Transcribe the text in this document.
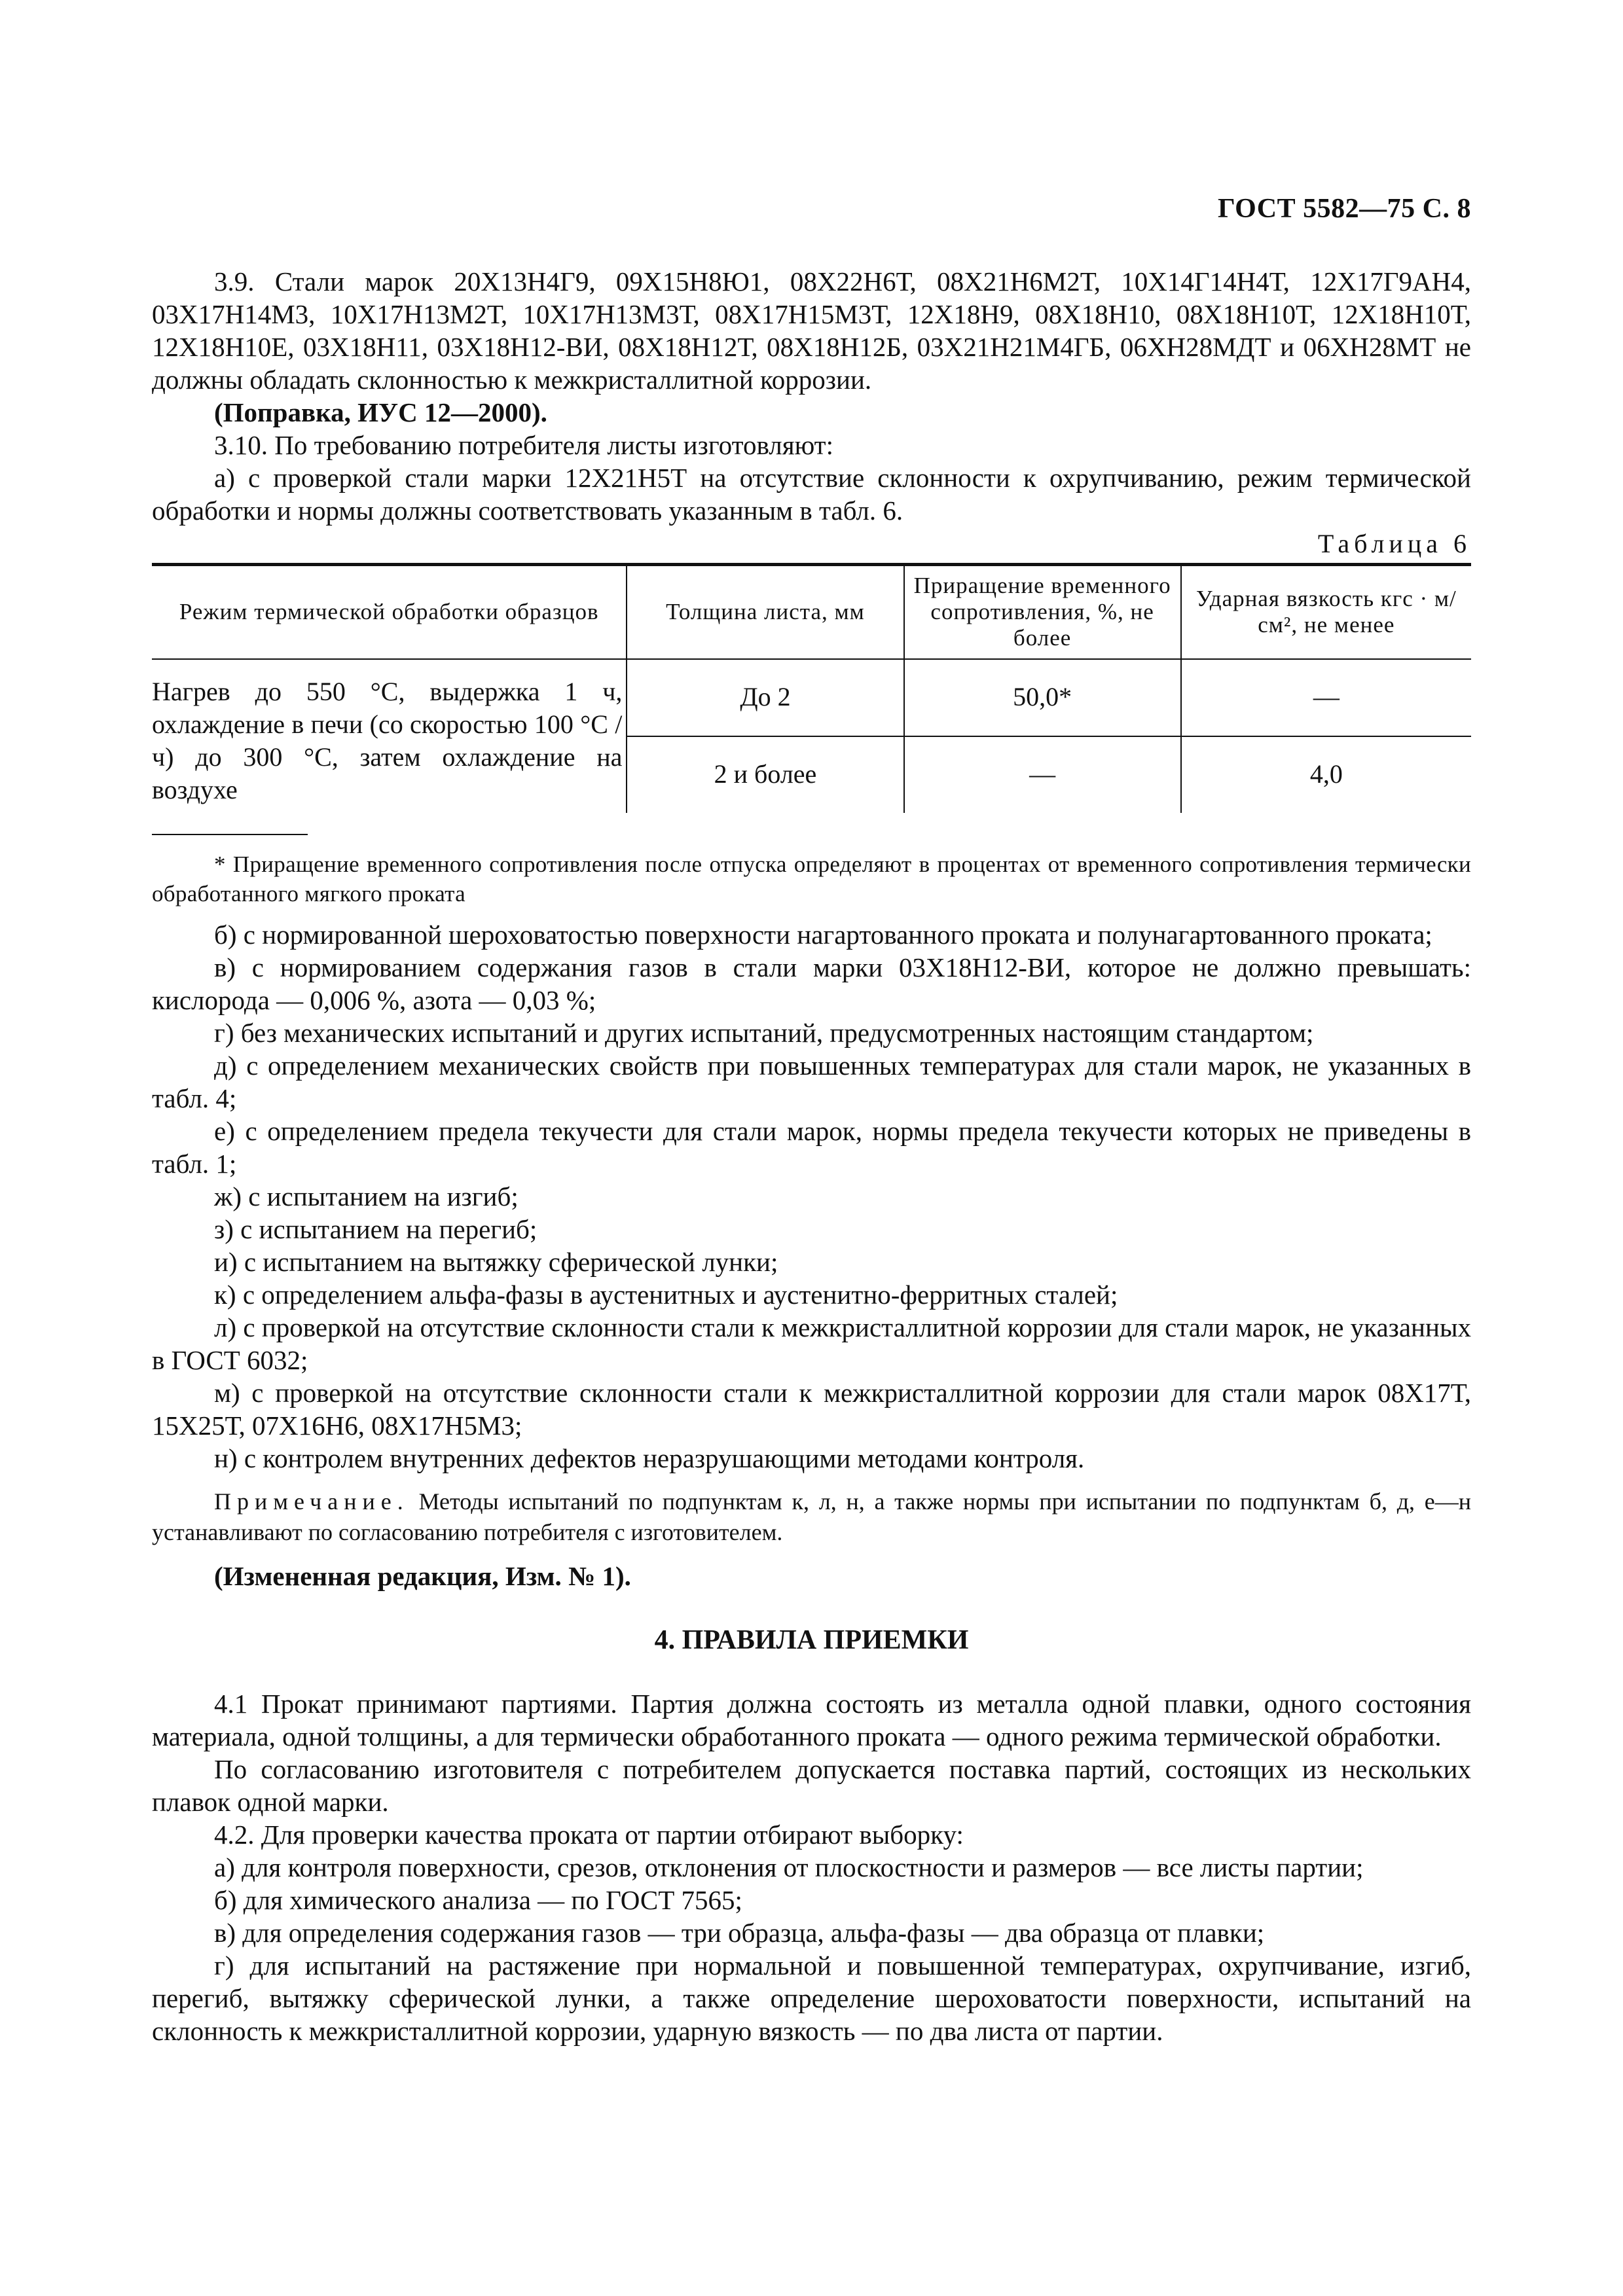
ГОСТ 5582—75 С. 8

3.9. Стали марок 20Х13Н4Г9, 09Х15Н8Ю1, 08Х22Н6Т, 08Х21Н6М2Т, 10Х14Г14Н4Т, 12Х17Г9АН4, 03Х17Н14М3, 10Х17Н13М2Т, 10Х17Н13М3Т, 08Х17Н15М3Т, 12Х18Н9, 08Х18Н10, 08Х18Н10Т, 12Х18Н10Т, 12Х18Н10Е, 03Х18Н11, 03Х18Н12-ВИ, 08Х18Н12Т, 08Х18Н12Б, 03Х21Н21М4ГБ, 06ХН28МДТ и 06ХН28МТ не должны обладать склонностью к межкристаллитной коррозии.

(Поправка, ИУС 12—2000).

3.10. По требованию потребителя листы изготовляют:

а) с проверкой стали марки 12Х21Н5Т на отсутствие склонности к охрупчиванию, режим термической обработки и нормы должны соответствовать указанным в табл. 6.

Таблица 6
Режим термической обработки образцов	Толщина листа, мм	Приращение временного сопротивления, %, не более	Ударная вязкость кгс · м/см², не менее
Нагрев до 550 °С, выдержка 1 ч, охлаждение в печи (со скоростью 100 °С /ч) до 300 °С, затем охлаждение на воздухе	До 2	50,0*	—
	2 и более	—	4,0

* Приращение временного сопротивления после отпуска определяют в процентах от временного сопротивления термически обработанного мягкого проката

б) с нормированной шероховатостью поверхности нагартованного проката и полунагартованного проката;

в) с нормированием содержания газов в стали марки 03Х18Н12-ВИ, которое не должно превышать: кислорода — 0,006 %, азота — 0,03 %;

г) без механических испытаний и других испытаний, предусмотренных настоящим стандартом;

д) с определением механических свойств при повышенных температурах для стали марок, не указанных в табл. 4;

е) с определением предела текучести для стали марок, нормы предела текучести которых не приведены в табл. 1;

ж) с испытанием на изгиб;

з) с испытанием на перегиб;

и) с испытанием на вытяжку сферической лунки;

к) с определением альфа-фазы в аустенитных и аустенитно-ферритных сталей;

л) с проверкой на отсутствие склонности стали к межкристаллитной коррозии для стали марок, не указанных в ГОСТ 6032;

м) с проверкой на отсутствие склонности стали к межкристаллитной коррозии для стали марок 08Х17Т, 15Х25Т, 07Х16Н6, 08Х17Н5М3;

н) с контролем внутренних дефектов неразрушающими методами контроля.

Примечание. Методы испытаний по подпунктам к, л, н, а также нормы при испытании по подпунктам б, д, е—н устанавливают по согласованию потребителя с изготовителем.

(Измененная редакция, Изм. № 1).

4. ПРАВИЛА ПРИЕМКИ

4.1 Прокат принимают партиями. Партия должна состоять из металла одной плавки, одного состояния материала, одной толщины, а для термически обработанного проката — одного режима термической обработки.

По согласованию изготовителя с потребителем допускается поставка партий, состоящих из нескольких плавок одной марки.

4.2. Для проверки качества проката от партии отбирают выборку:

а) для контроля поверхности, срезов, отклонения от плоскостности и размеров — все листы партии;

б) для химического анализа — по ГОСТ 7565;

в) для определения содержания газов — три образца, альфа-фазы — два образца от плавки;

г) для испытаний на растяжение при нормальной и повышенной температурах, охрупчивание, изгиб, перегиб, вытяжку сферической лунки, а также определение шероховатости поверхности, испытаний на склонность к межкристаллитной коррозии, ударную вязкость — по два листа от партии.
